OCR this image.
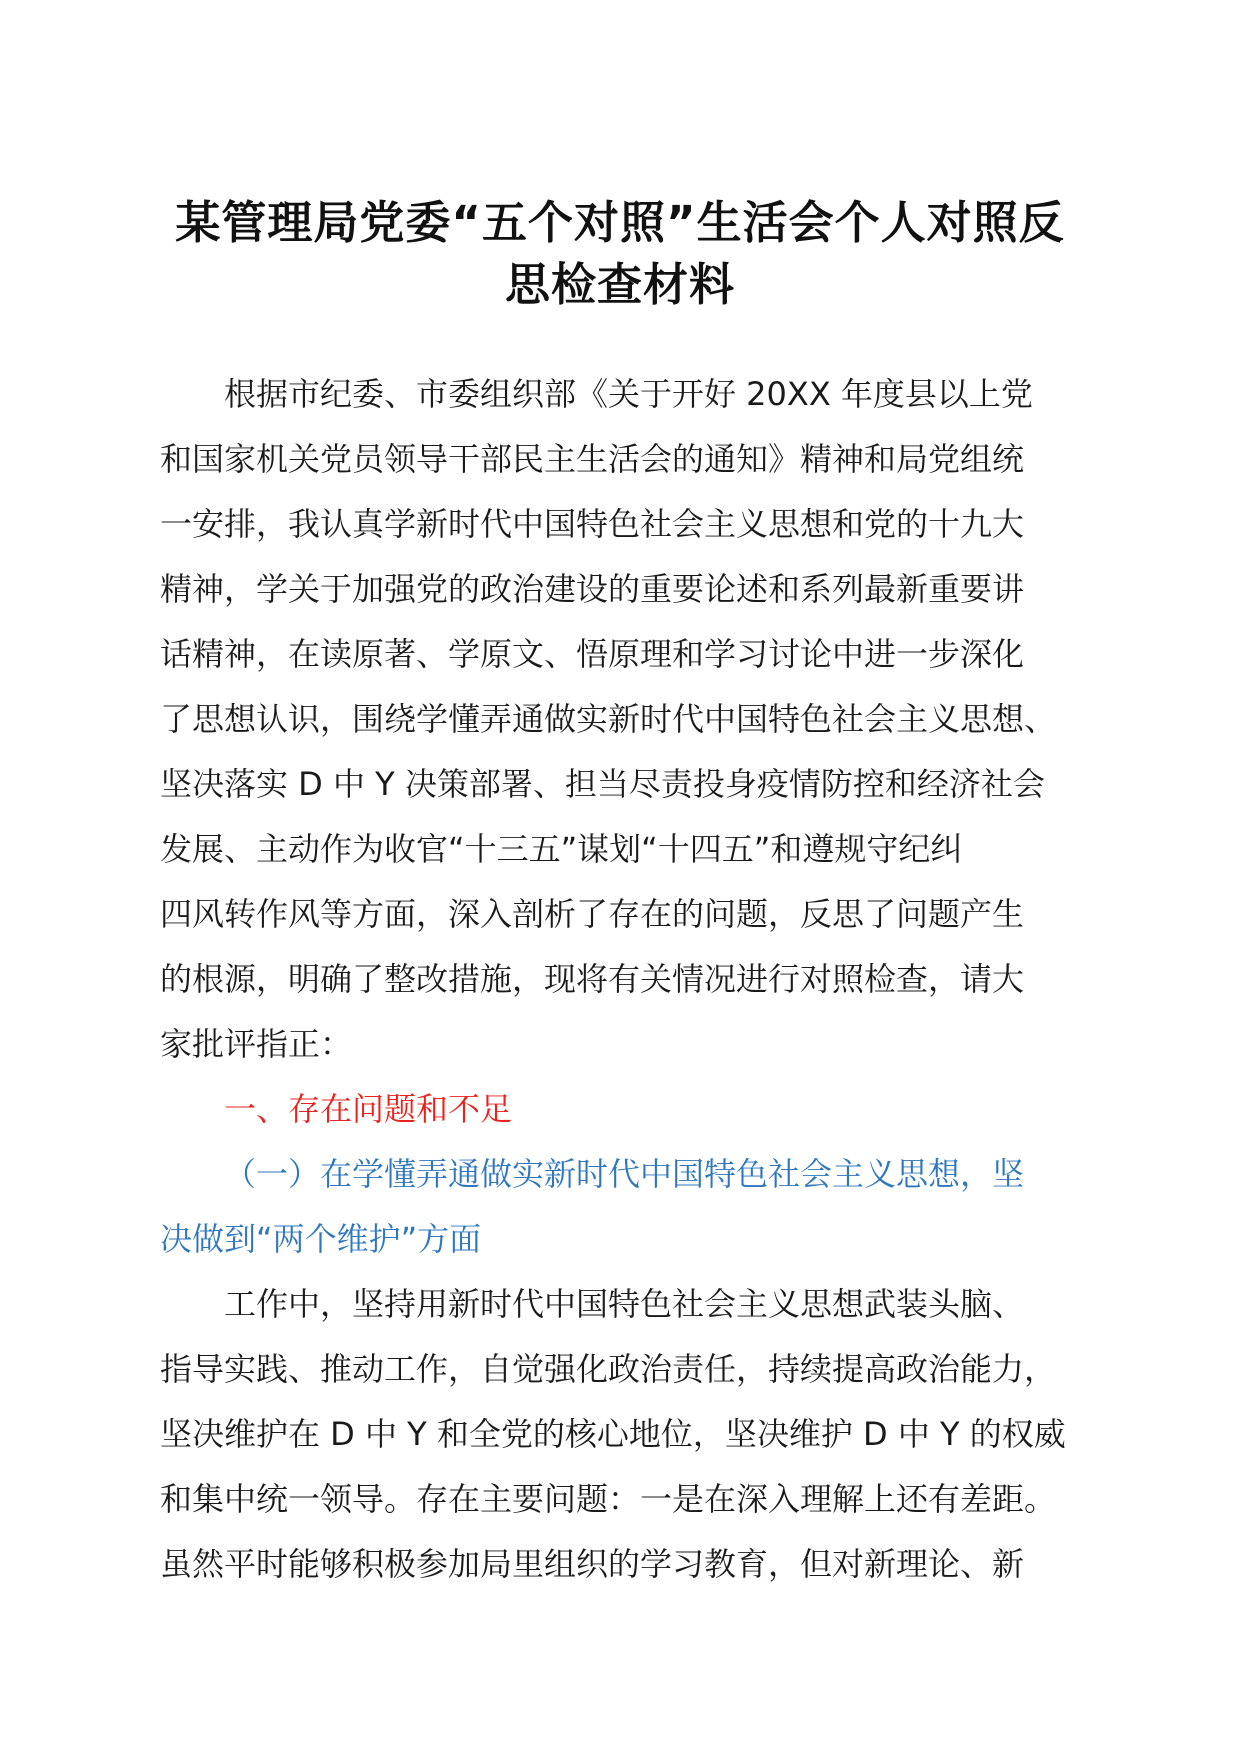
某管理局党委“五个对照”生活会个人对照反
思检查材料
根据市纪委、市委组织部《关于开好 20XX 年度县以上党
和国家机关党员领导干部民主生活会的通知》精神和局党组统
一安排，我认真学新时代中国特色社会主义思想和党的十九大
精神，学关于加强党的政治建设的重要论述和系列最新重要讲
话精神，在读原著、学原文、悟原理和学习讨论中进一步深化
了思想认识，围绕学懂弄通做实新时代中国特色社会主义思想、
坚决落实 D 中 Y 决策部署、担当尽责投身疫情防控和经济社会
发展、主动作为收官“十三五”谋划“十四五”和遵规守纪纠
四风转作风等方面，深入剖析了存在的问题，反思了问题产生
的根源，明确了整改措施，现将有关情况进行对照检查，请大
家批评指正：
一、存在问题和不足
（一）在学懂弄通做实新时代中国特色社会主义思想，坚
决做到“两个维护”方面
工作中，坚持用新时代中国特色社会主义思想武装头脑、
指导实践、推动工作，自觉强化政治责任，持续提高政治能力，
坚决维护在 D 中 Y 和全党的核心地位，坚决维护 D 中 Y 的权威
和集中统一领导。存在主要问题：一是在深入理解上还有差距。
虽然平时能够积极参加局里组织的学习教育，但对新理论、新
